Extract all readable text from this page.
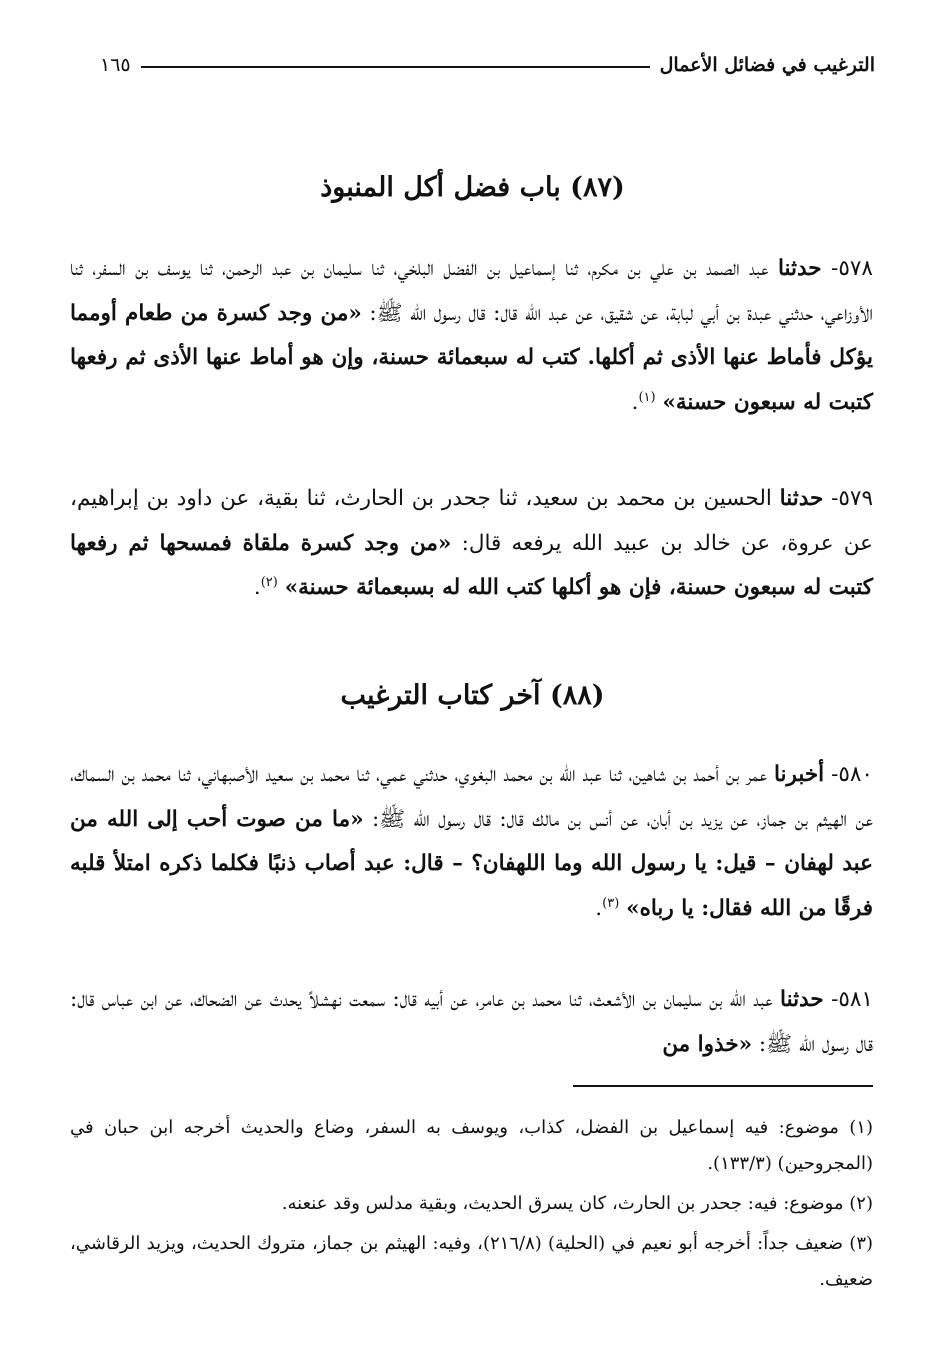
الترغيب في فضائل الأعمال
١٦٥
(٨٧) باب فضل أكل المنبوذ
٥٧٨- حدثنا عبد الصمد بن علي بن مكرم، ثنا إسماعيل بن الفضل البلخي، ثنا سليمان بن عبد الرحمن، ثنا يوسف بن السفر، ثنا الأوزاعي، حدثني عبدة بن أبي لبابة، عن شقيق، عن عبد الله قال: قال رسول الله ﷺ: «من وجد كسرة من طعام أومما يؤكل فأماط عنها الأذى ثم أكلها. كتب له سبعمائة حسنة، وإن هو أماط عنها الأذى ثم رفعها كتبت له سبعون حسنة» $^{(١)}$.
٥٧٩- حدثنا الحسين بن محمد بن سعيد، ثنا جحدر بن الحارث، ثنا بقية، عن داود بن إبراهيم، عن عروة، عن خالد بن عبيد الله يرفعه قال: «من وجد كسرة ملقاة فمسحها ثم رفعها كتبت له سبعون حسنة، فإن هو أكلها كتب الله له بسبعمائة حسنة» $^{(٢)}$.
(٨٨) آخر كتاب الترغيب
٥٨٠- أخبرنا عمر بن أحمد بن شاهين، ثنا عبد الله بن محمد البغوي، حدثني عمي، ثنا محمد بن سعيد الأصبهاني، ثنا محمد بن السماك، عن الهيثم بن جماز، عن يزيد بن أبان، عن أنس بن مالك قال: قال رسول الله ﷺ: «ما من صوت أحب إلى الله من عبد لهفان – قيل: يا رسول الله وما اللهفان؟ – قال: عبد أصاب ذنبًا فكلما ذكره امتلأ قلبه فرقًا من الله فقال: يا رباه» $^{(٣)}$.
٥٨١- حدثنا عبد الله بن سليمان بن الأشعث، ثنا محمد بن عامر، عن أبيه قال: سمعت نهشلاً يحدث عن الضحاك، عن ابن عباس قال: قال رسول الله ﷺ: «خذوا من

(١) موضوع: فيه إسماعيل بن الفضل، كذاب، ويوسف به السفر، وضاع والحديث أخرجه ابن حبان في (المجروحين) (١٣٣/٣).

(٢) موضوع: فيه: جحدر بن الحارث، كان يسرق الحديث، وبقية مدلس وقد عنعنه.

(٣) ضعيف جداً: أخرجه أبو نعيم في (الحلية) (٢١٦/٨)، وفيه: الهيثم بن جماز، متروك الحديث، ويزيد الرقاشي، ضعيف.
